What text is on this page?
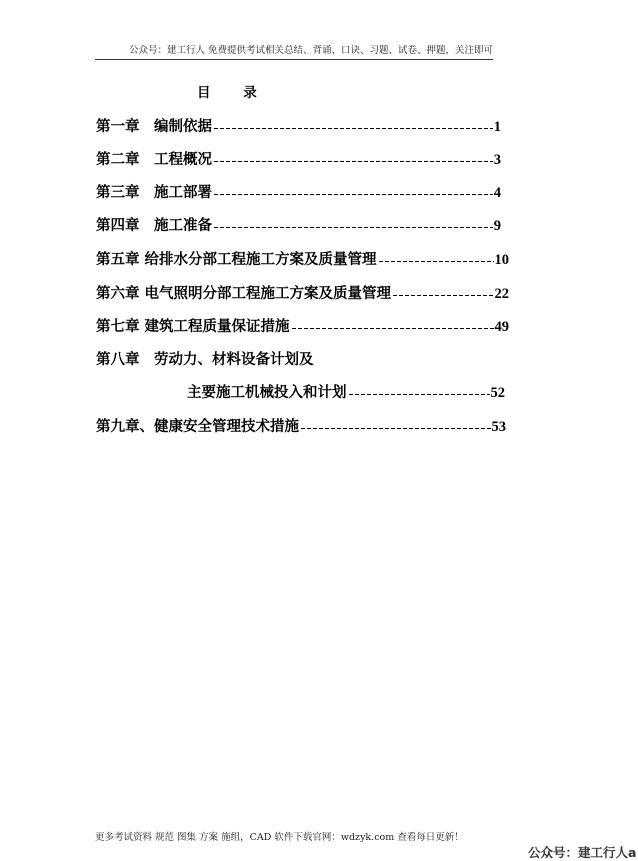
公众号：建工行人 免费提供考试相关总结、背诵、口诀、习题、试卷、押题，关注即可
目 录
第一章　编制依据	1
第二章　工程概况	3
第三章　施工部署	4
第四章　施工准备	9
第五章 给排水分部工程施工方案及质量管理	10
第六章 电气照明分部工程施工方案及质量管理	22
第七章 建筑工程质量保证措施	49
第八章　劳动力、材料设备计划及
主要施工机械投入和计划	52
第九章、健康安全管理技术措施	53
更多考试资料 规范 图集 方案 施组，CAD 软件下载官网：wdzyk.com 查看每日更新！
公众号：建工行人a
